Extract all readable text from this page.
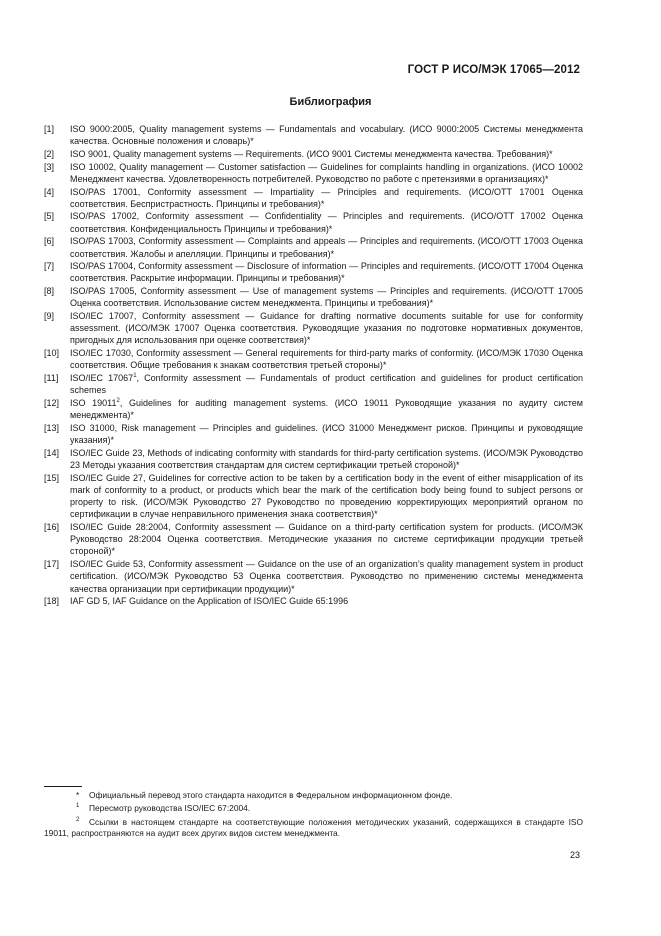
ГОСТ Р ИСО/МЭК 17065—2012
Библиография
[1]	ISO 9000:2005, Quality management systems — Fundamentals and vocabulary. (ИСО 9000:2005 Системы менеджмента качества. Основные положения и словарь)*
[2]	ISO 9001, Quality management systems — Requirements. (ИСО 9001 Системы менеджмента качества. Требования)*
[3]	ISO 10002, Quality management — Customer satisfaction — Guidelines for complaints handling in organizations. (ИСО 10002 Менеджмент качества. Удовлетворенность потребителей. Руководство по работе с претензиями в организациях)*
[4]	ISO/PAS 17001, Conformity assessment — Impartiality — Principles and requirements. (ИСО/ОТТ 17001 Оценка соответствия. Беспристрастность. Принципы и требования)*
[5]	ISO/PAS 17002, Conformity assessment — Confidentiality — Principles and requirements. (ИСО/ОТТ 17002 Оценка соответствия. Конфиденциальность Принципы и требования)*
[6]	ISO/PAS 17003, Conformity assessment — Complaints and appeals — Principles and requirements. (ИСО/ОТТ 17003 Оценка соответствия. Жалобы и апелляции. Принципы и требования)*
[7]	ISO/PAS 17004, Conformity assessment — Disclosure of information — Principles and requirements. (ИСО/ОТТ 17004 Оценка соответствия. Раскрытие информации. Принципы и требования)*
[8]	ISO/PAS 17005, Conformity assessment — Use of management systems — Principles and requirements. (ИСО/ОТТ 17005 Оценка соответствия. Использование систем менеджмента. Принципы и требования)*
[9]	ISO/IEC 17007, Conformity assessment — Guidance for drafting normative documents suitable for use for conformity assessment. (ИСО/МЭК 17007 Оценка соответствия. Руководящие указания по подготовке нормативных документов, пригодных для использования при оценке соответствия)*
[10]	ISO/IEC 17030, Conformity assessment — General requirements for third-party marks of conformity. (ИСО/МЭК 17030 Оценка соответствия. Общие требования к знакам соответствия третьей стороны)*
[11]	ISO/IEC 17067$^1$, Conformity assessment — Fundamentals of product certification and guidelines for product certification schemes
[12]	ISO 19011$^2$, Guidelines for auditing management systems. (ИСО 19011 Руководящие указания по аудиту систем менеджмента)*
[13]	ISO 31000, Risk management — Principles and guidelines. (ИСО 31000 Менеджмент рисков. Принципы и руководящие указания)*
[14]	ISO/IEC Guide 23, Methods of indicating conformity with standards for third-party certification systems. (ИСО/МЭК Руководство 23 Методы указания соответствия стандартам для систем сертификации третьей стороной)*
[15]	ISO/IEC Guide 27, Guidelines for corrective action to be taken by a certification body in the event of either misapplication of its mark of conformity to a product, or products which bear the mark of the certification body being found to subject persons or property to risk. (ИСО/МЭК Руководство 27 Руководство по проведению корректирующих мероприятий органом по сертификации в случае неправильного применения знака соответствия)*
[16]	ISO/IEC Guide 28:2004, Conformity assessment — Guidance on a third-party certification system for products. (ИСО/МЭК Руководство 28:2004 Оценка соответствия. Методические указания по системе сертификации продукции третьей стороной)*
[17]	ISO/IEC Guide 53, Conformity assessment — Guidance on the use of an organization’s quality management system in product certification. (ИСО/МЭК Руководство 53 Оценка соответствия. Руководство по применению системы менеджмента качества организации при сертификации продукции)*
[18]	IAF GD 5, IAF Guidance on the Application of ISO/IEC Guide 65:1996
* Официальный перевод этого стандарта находится в Федеральном информационном фонде.
$^1$ Пересмотр руководства ISO/IEC 67:2004.
$^2$ Ссылки в настоящем стандарте на соответствующие положения методических указаний, содержащихся в стандарте ISO 19011, распространяются на аудит всех других видов систем менеджмента.
23
